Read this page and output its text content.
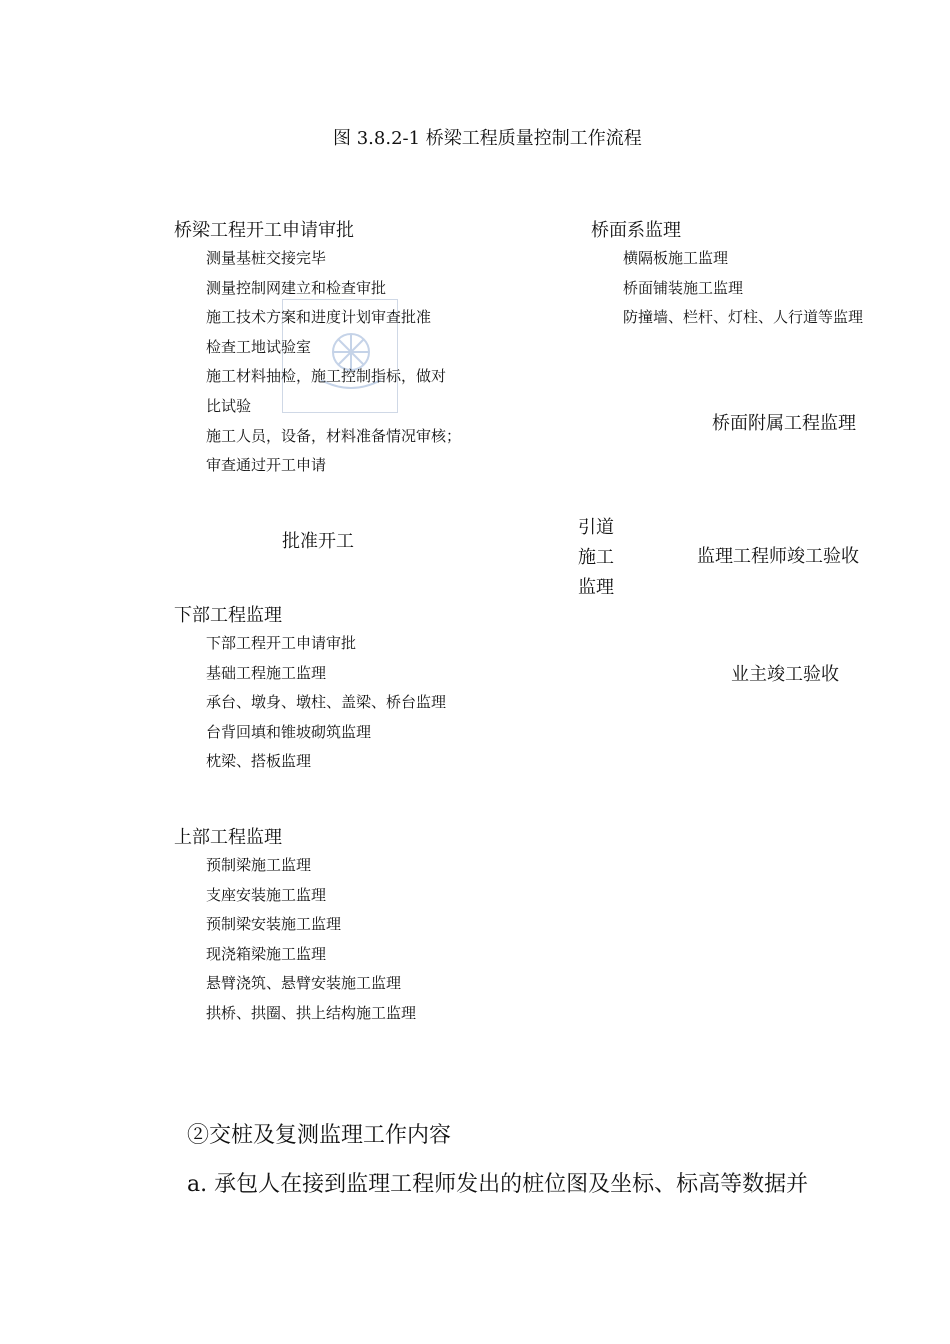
图 3.8.2-1 桥梁工程质量控制工作流程
桥梁工程开工申请审批
测量基桩交接完毕
测量控制网建立和检查审批
施工技术方案和进度计划审查批准
检查工地试验室
施工材料抽检，施工控制指标，做对
比试验
施工人员，设备，材料准备情况审核；
审查通过开工申请
批准开工
下部工程监理
下部工程开工申请审批
基础工程施工监理
承台、墩身、墩柱、盖梁、桥台监理
台背回填和锥坡砌筑监理
枕梁、搭板监理
上部工程监理
预制梁施工监理
支座安装施工监理
预制梁安装施工监理
现浇箱梁施工监理
悬臂浇筑、悬臂安装施工监理
拱桥、拱圈、拱上结构施工监理
桥面系监理
横隔板施工监理
桥面铺装施工监理
防撞墙、栏杆、灯柱、人行道等监理
桥面附属工程监理
引道
施工
监理
监理工程师竣工验收
业主竣工验收
②交桩及复测监理工作内容
a. 承包人在接到监理工程师发出的桩位图及坐标、标高等数据并
